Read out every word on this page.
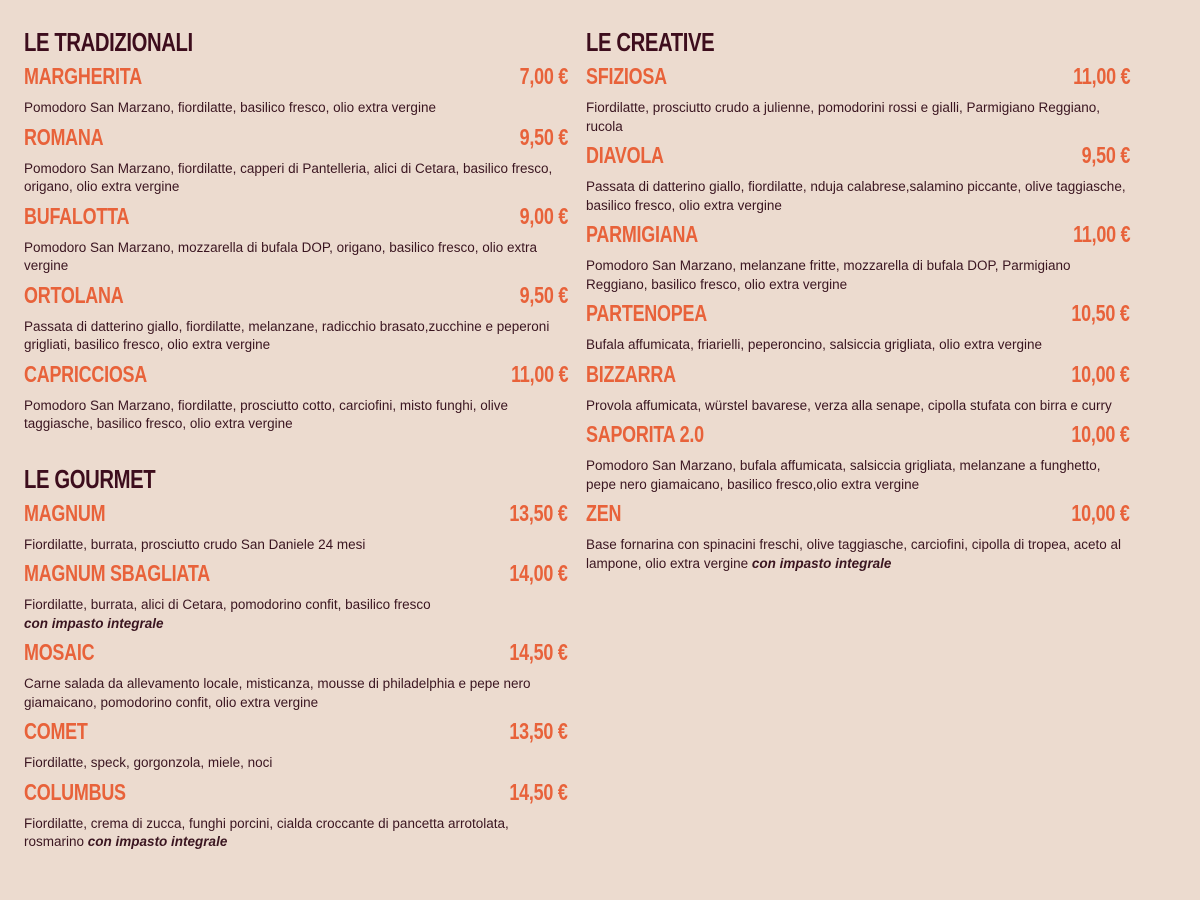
LE TRADIZIONALI
MARGHERITA	7,00 €
Pomodoro San Marzano, fiordilatte, basilico fresco, olio extra vergine
ROMANA	9,50 €
Pomodoro San Marzano, fiordilatte, capperi di Pantelleria, alici di Cetara, basilico fresco, origano, olio extra vergine
BUFALOTTA	9,00 €
Pomodoro San Marzano, mozzarella di bufala DOP, origano, basilico fresco, olio extra vergine
ORTOLANA	9,50 €
Passata di datterino giallo, fiordilatte, melanzane, radicchio brasato,zucchine e peperoni grigliati, basilico fresco, olio extra vergine
CAPRICCIOSA	11,00 €
Pomodoro San Marzano, fiordilatte, prosciutto cotto, carciofini, misto funghi, olive taggiasche, basilico fresco, olio extra vergine
LE GOURMET
MAGNUM	13,50 €
Fiordilatte, burrata, prosciutto crudo San Daniele 24 mesi
MAGNUM SBAGLIATA	14,00 €
Fiordilatte, burrata, alici di Cetara, pomodorino confit, basilico fresco
con impasto integrale
MOSAIC	14,50 €
Carne salada da allevamento locale, misticanza, mousse di philadelphia e pepe nero giamaicano, pomodorino confit, olio extra vergine
COMET	13,50 €
Fiordilatte, speck, gorgonzola, miele, noci
COLUMBUS	14,50 €
Fiordilatte, crema di zucca, funghi porcini, cialda croccante di pancetta arrotolata, rosmarino con impasto integrale
LE CREATIVE
SFIZIOSA	11,00 €
Fiordilatte, prosciutto crudo a julienne, pomodorini rossi e gialli, Parmigiano Reggiano, rucola
DIAVOLA	9,50 €
Passata di datterino giallo, fiordilatte, nduja calabrese,salamino piccante, olive taggiasche, basilico fresco, olio extra vergine
PARMIGIANA	11,00 €
Pomodoro San Marzano, melanzane fritte, mozzarella di bufala DOP, Parmigiano Reggiano, basilico fresco, olio extra vergine
PARTENOPEA	10,50 €
Bufala affumicata, friarielli, peperoncino, salsiccia grigliata, olio extra vergine
BIZZARRA	10,00 €
Provola affumicata, würstel bavarese, verza alla senape, cipolla stufata con birra e curry
SAPORITA 2.0	10,00 €
Pomodoro San Marzano, bufala affumicata, salsiccia grigliata, melanzane a funghetto, pepe nero giamaicano, basilico fresco,olio extra vergine
ZEN	10,00 €
Base fornarina con spinacini freschi, olive taggiasche, carciofini, cipolla di tropea, aceto al lampone, olio extra vergine con impasto integrale
